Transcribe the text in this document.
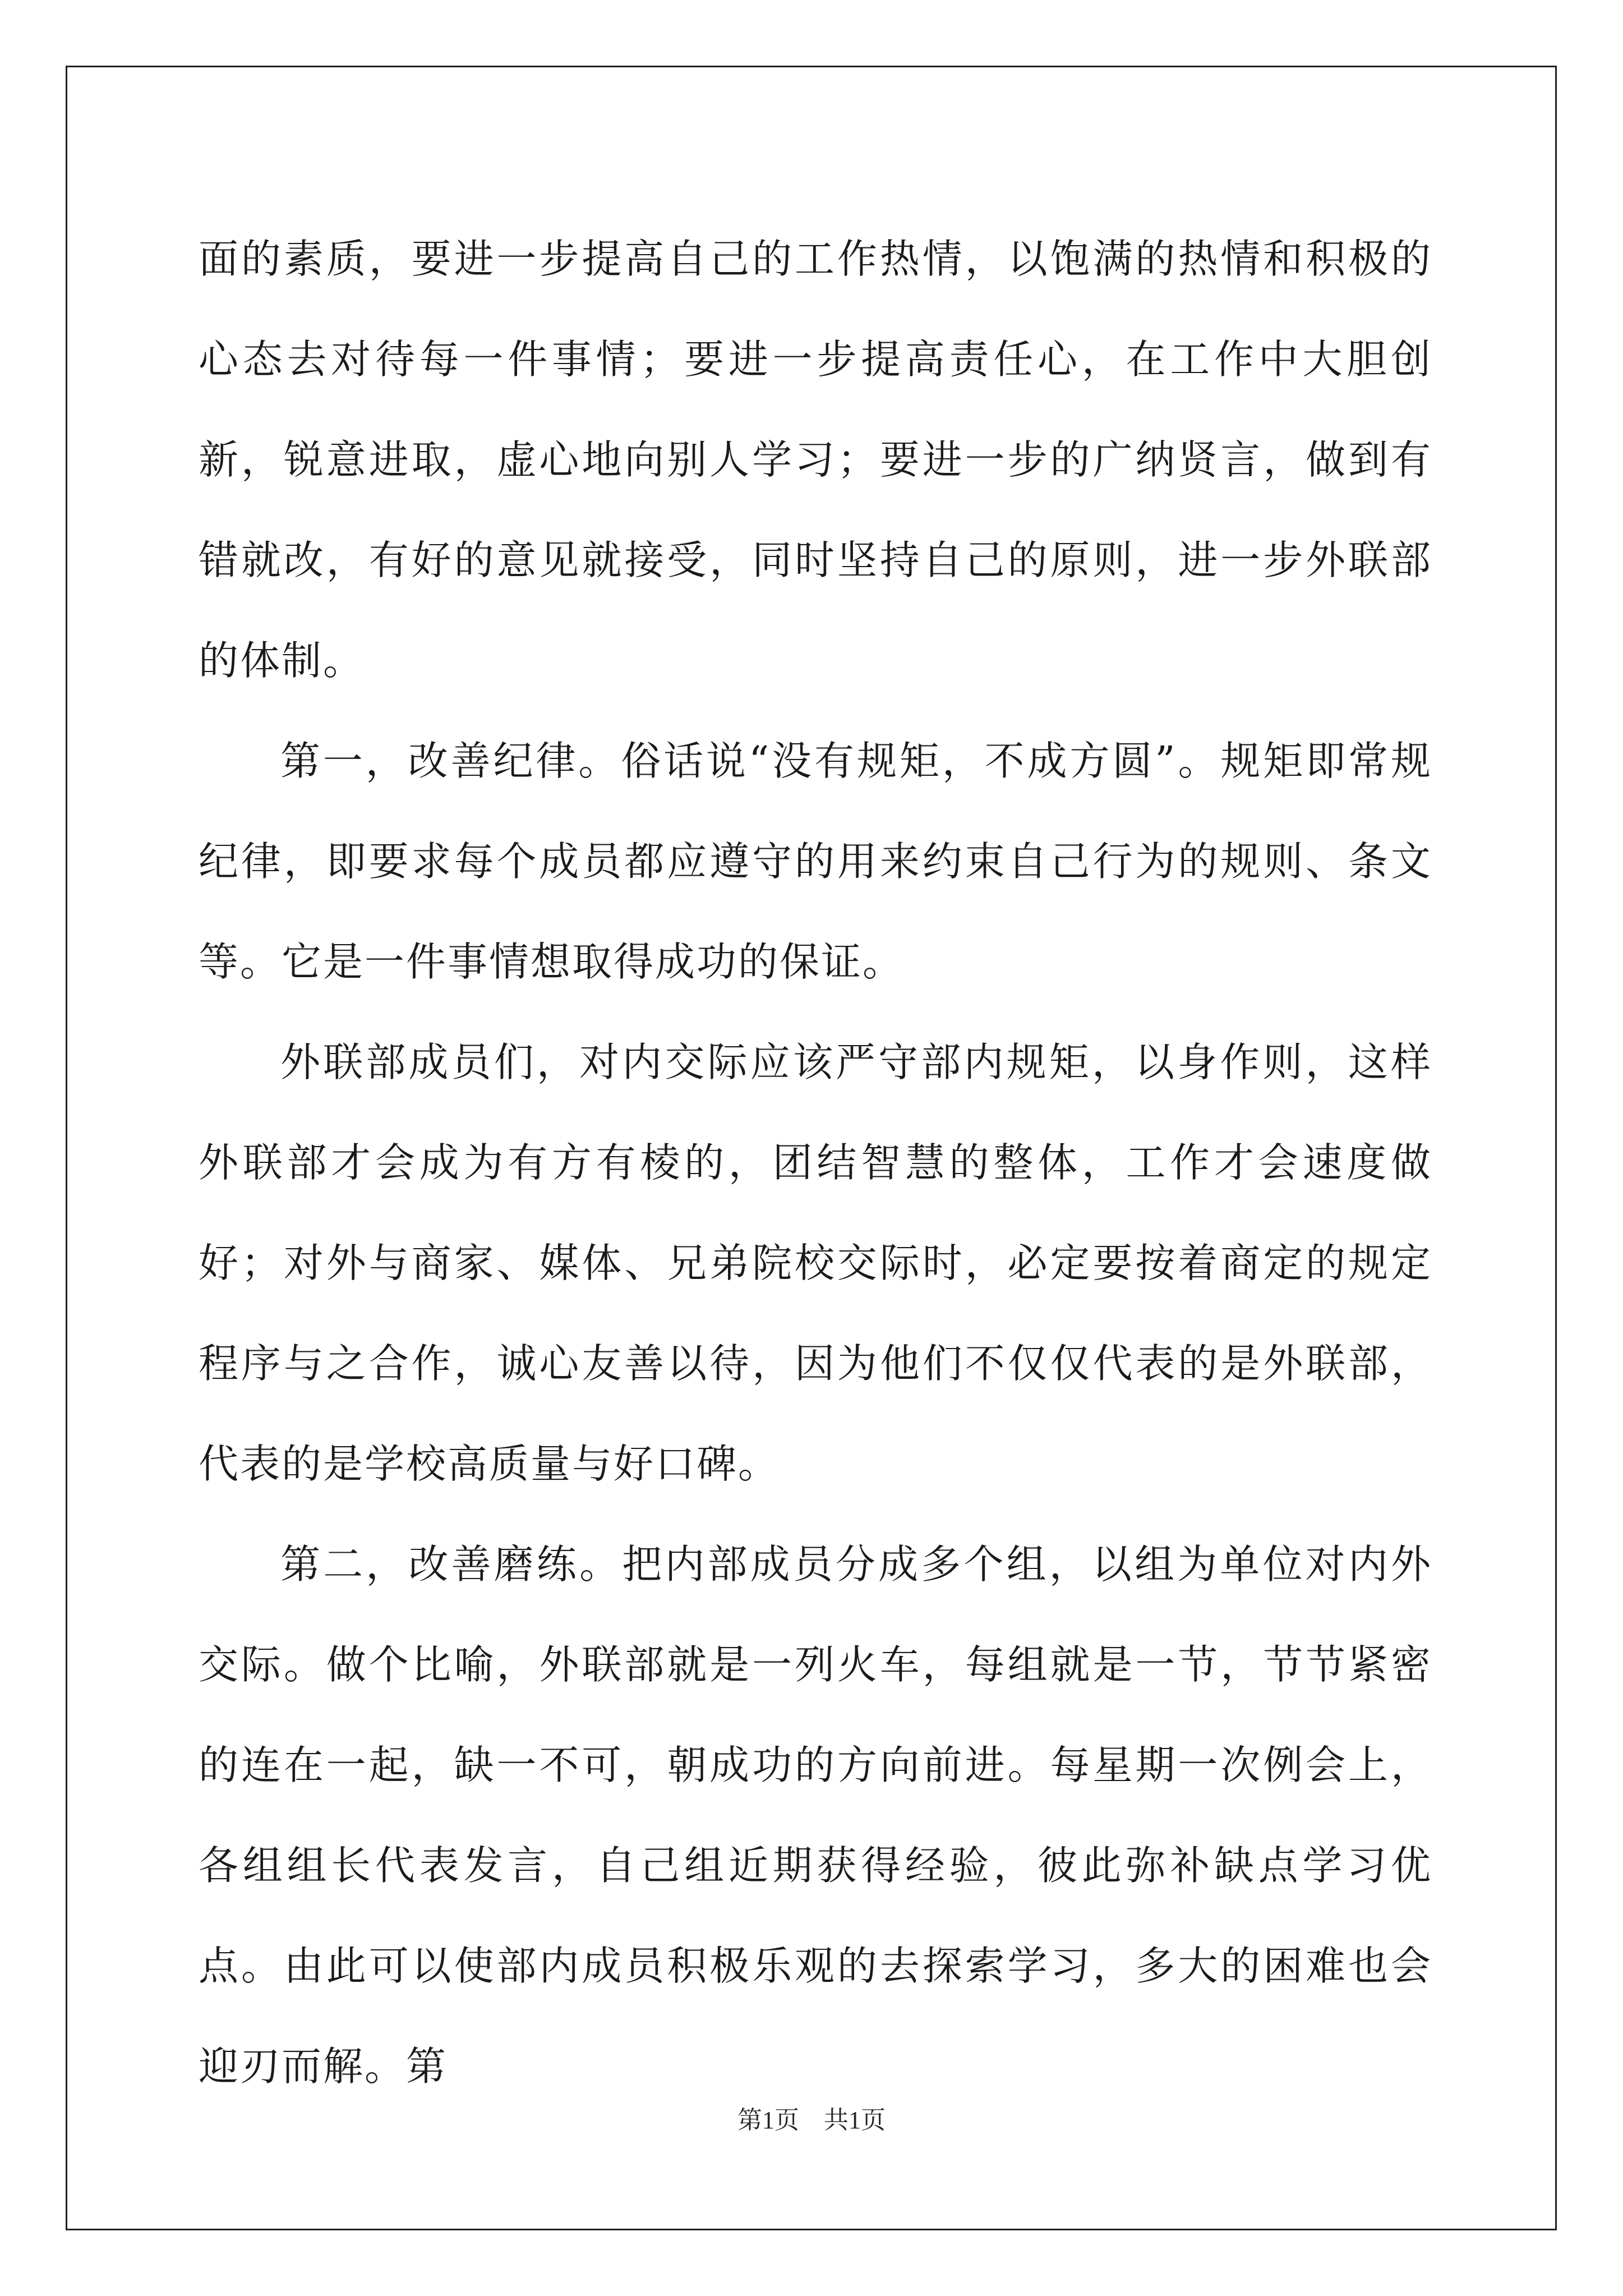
面的素质，要进一步提高自己的工作热情，以饱满的热情和积极的心态去对待每一件事情；要进一步提高责任心，在工作中大胆创新，锐意进取，虚心地向别人学习；要进一步的广纳贤言，做到有错就改，有好的意见就接受，同时坚持自己的原则，进一步外联部的体制。

第一，改善纪律。俗话说“没有规矩，不成方圆”。规矩即常规纪律，即要求每个成员都应遵守的用来约束自己行为的规则、条文等。它是一件事情想取得成功的保证。

外联部成员们，对内交际应该严守部内规矩，以身作则，这样外联部才会成为有方有棱的，团结智慧的整体，工作才会速度做好；对外与商家、媒体、兄弟院校交际时，必定要按着商定的规定程序与之合作，诚心友善以待，因为他们不仅仅代表的是外联部，代表的是学校高质量与好口碑。

第二，改善磨练。把内部成员分成多个组，以组为单位对内外交际。做个比喻，外联部就是一列火车，每组就是一节，节节紧密的连在一起，缺一不可，朝成功的方向前进。每星期一次例会上，各组组长代表发言，自己组近期获得经验，彼此弥补缺点学习优点。由此可以使部内成员积极乐观的去探索学习，多大的困难也会迎刃而解。第

第1页 共1页
